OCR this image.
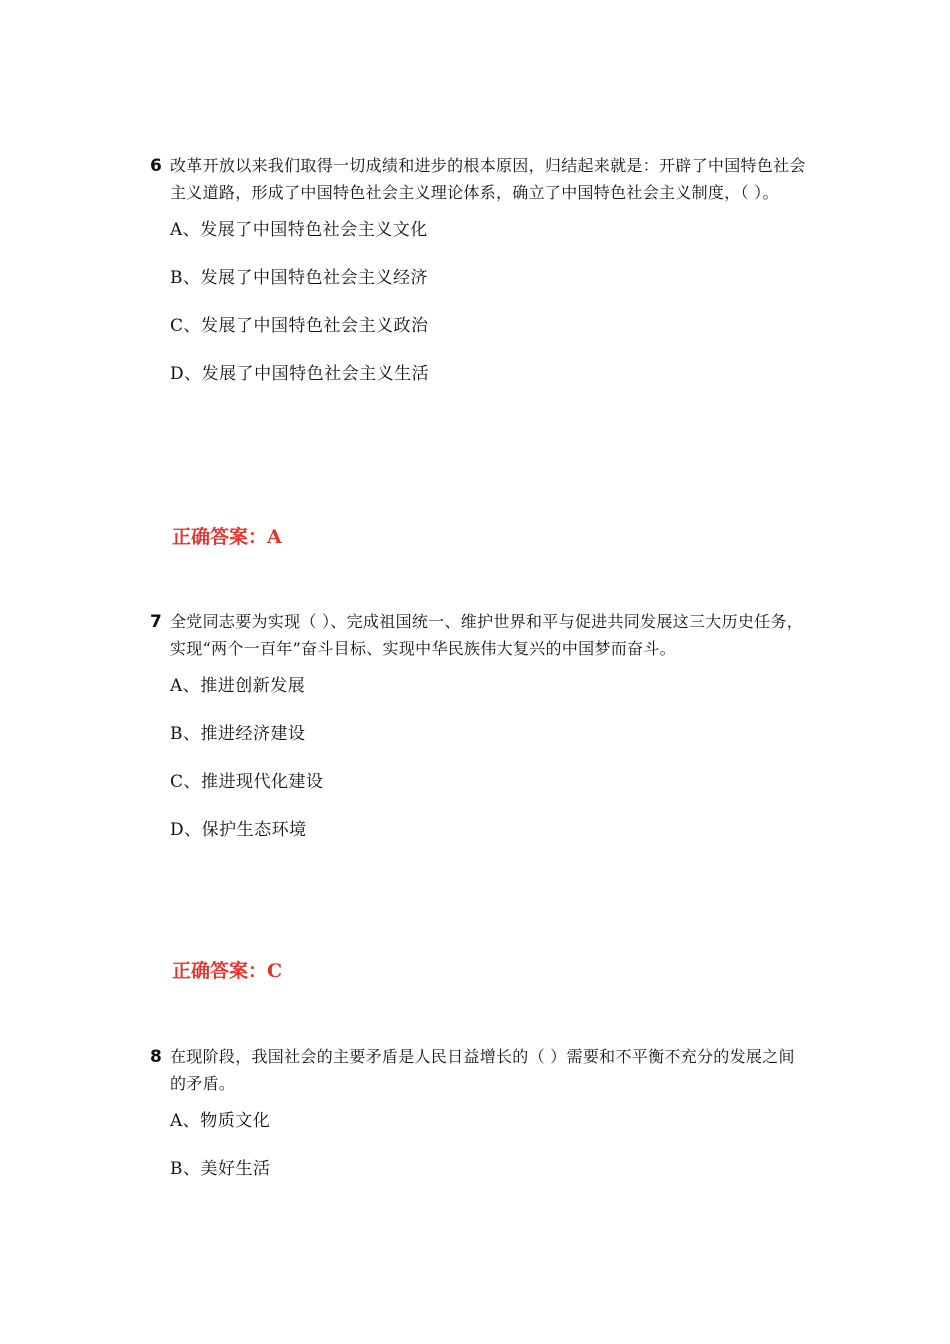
6 改革开放以来我们取得一切成绩和进步的根本原因，归结起来就是：开辟了中国特色社会主义道路，形成了中国特色社会主义理论体系，确立了中国特色社会主义制度，（ ）。
A、发展了中国特色社会主义文化
B、发展了中国特色社会主义经济
C、发展了中国特色社会主义政治
D、发展了中国特色社会主义生活
正确答案：A
7 全党同志要为实现（ ）、完成祖国统一、维护世界和平与促进共同发展这三大历史任务，实现“两个一百年”奋斗目标、实现中华民族伟大复兴的中国梦而奋斗。
A、推进创新发展
B、推进经济建设
C、推进现代化建设
D、保护生态环境
正确答案：C
8 在现阶段，我国社会的主要矛盾是人民日益增长的（ ）需要和不平衡不充分的发展之间的矛盾。
A、物质文化
B、美好生活
